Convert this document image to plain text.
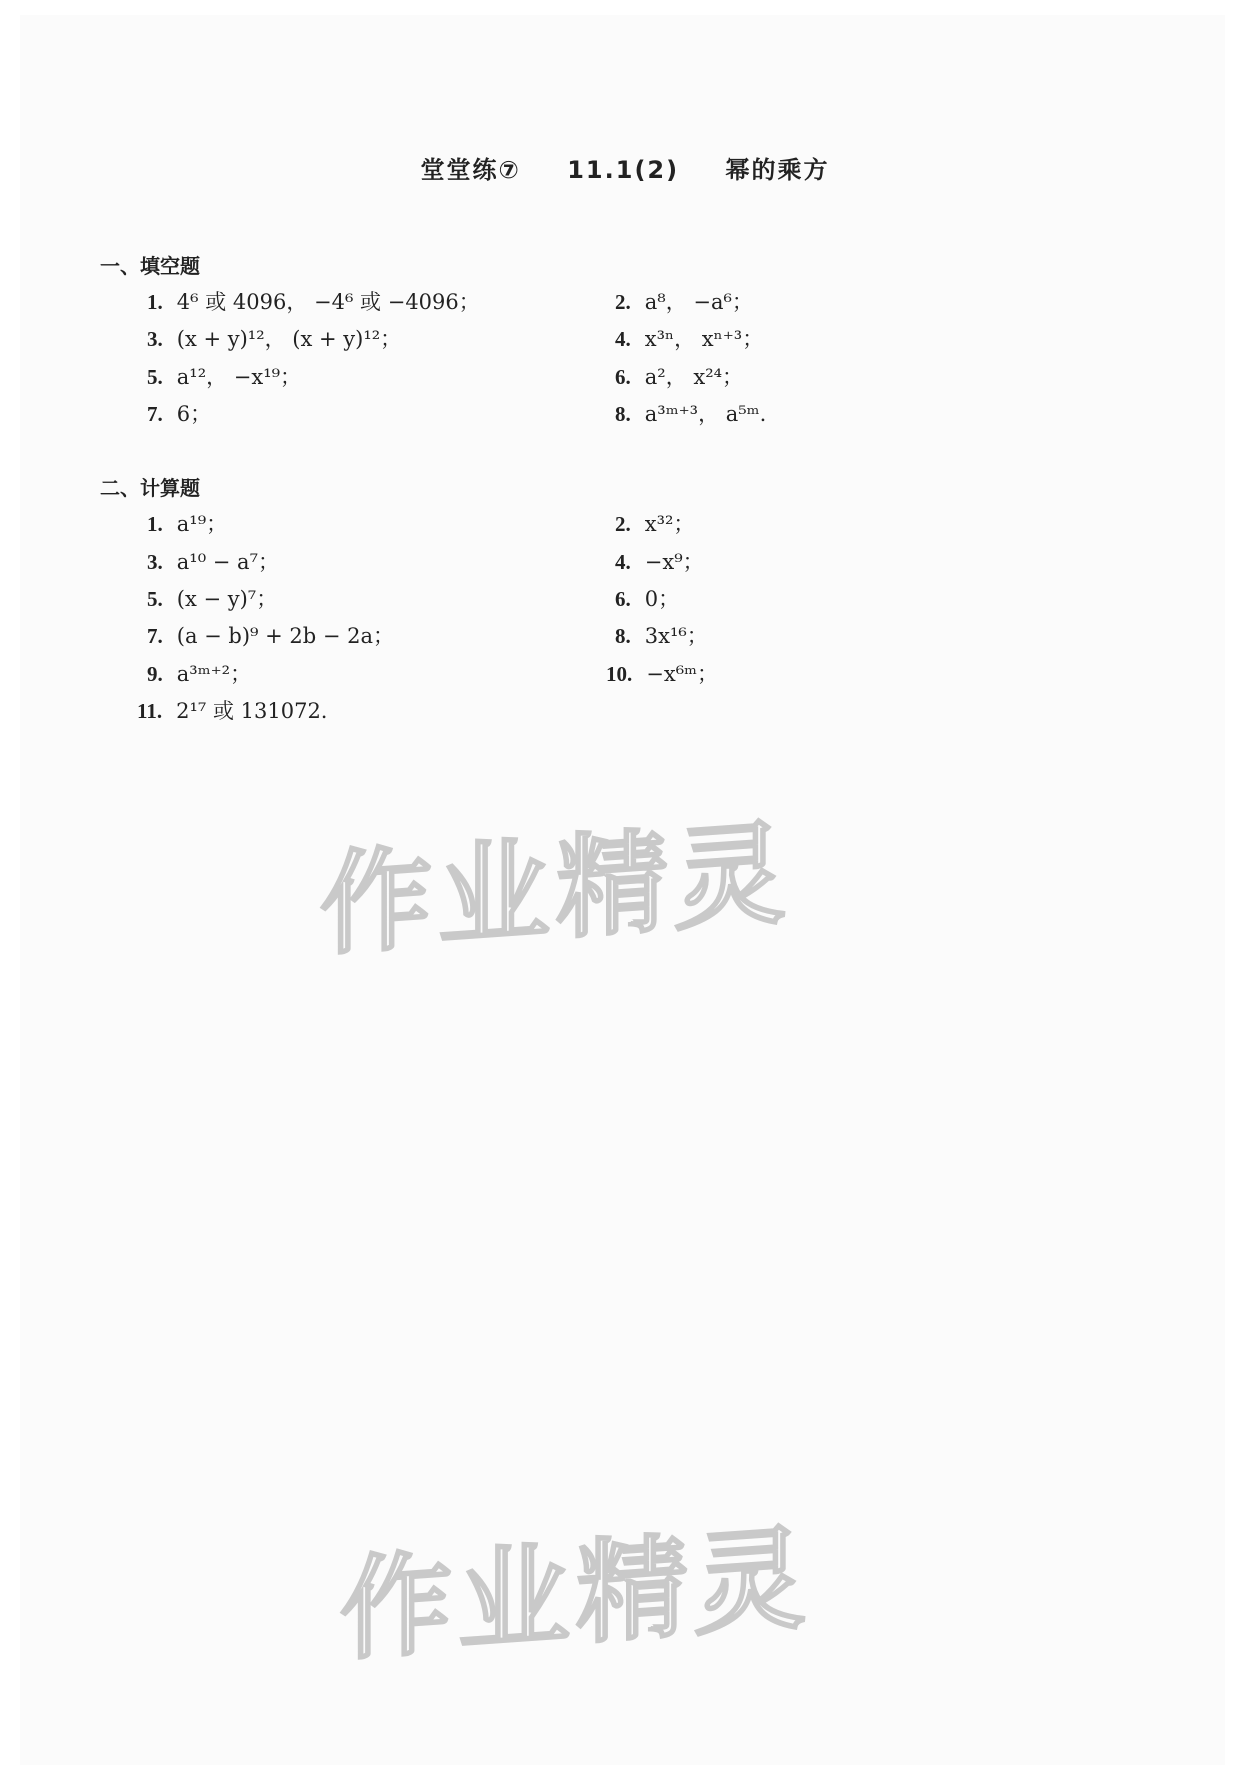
堂堂练⑦ 11.1(2) 幂的乘方
一、填空题
1. 4⁶ 或 4096， −4⁶ 或 −4096；	2. a⁸， −a⁶；
3. (x + y)¹²， (x + y)¹²；	4. x³ⁿ， xⁿ⁺³；
5. a¹²， −x¹⁹；	6. a²， x²⁴；
7. 6；	8. a³ᵐ⁺³， a⁵ᵐ.
二、计算题
1. a¹⁹；	2. x³²；
3. a¹⁰ − a⁷；	4. −x⁹；
5. (x − y)⁷；	6. 0；
7. (a − b)⁹ + 2b − 2a；	8. 3x¹⁶；
9. a³ᵐ⁺²；	10. −x⁶ᵐ；
11. 2¹⁷ 或 131072.
作业精灵
作业精灵
